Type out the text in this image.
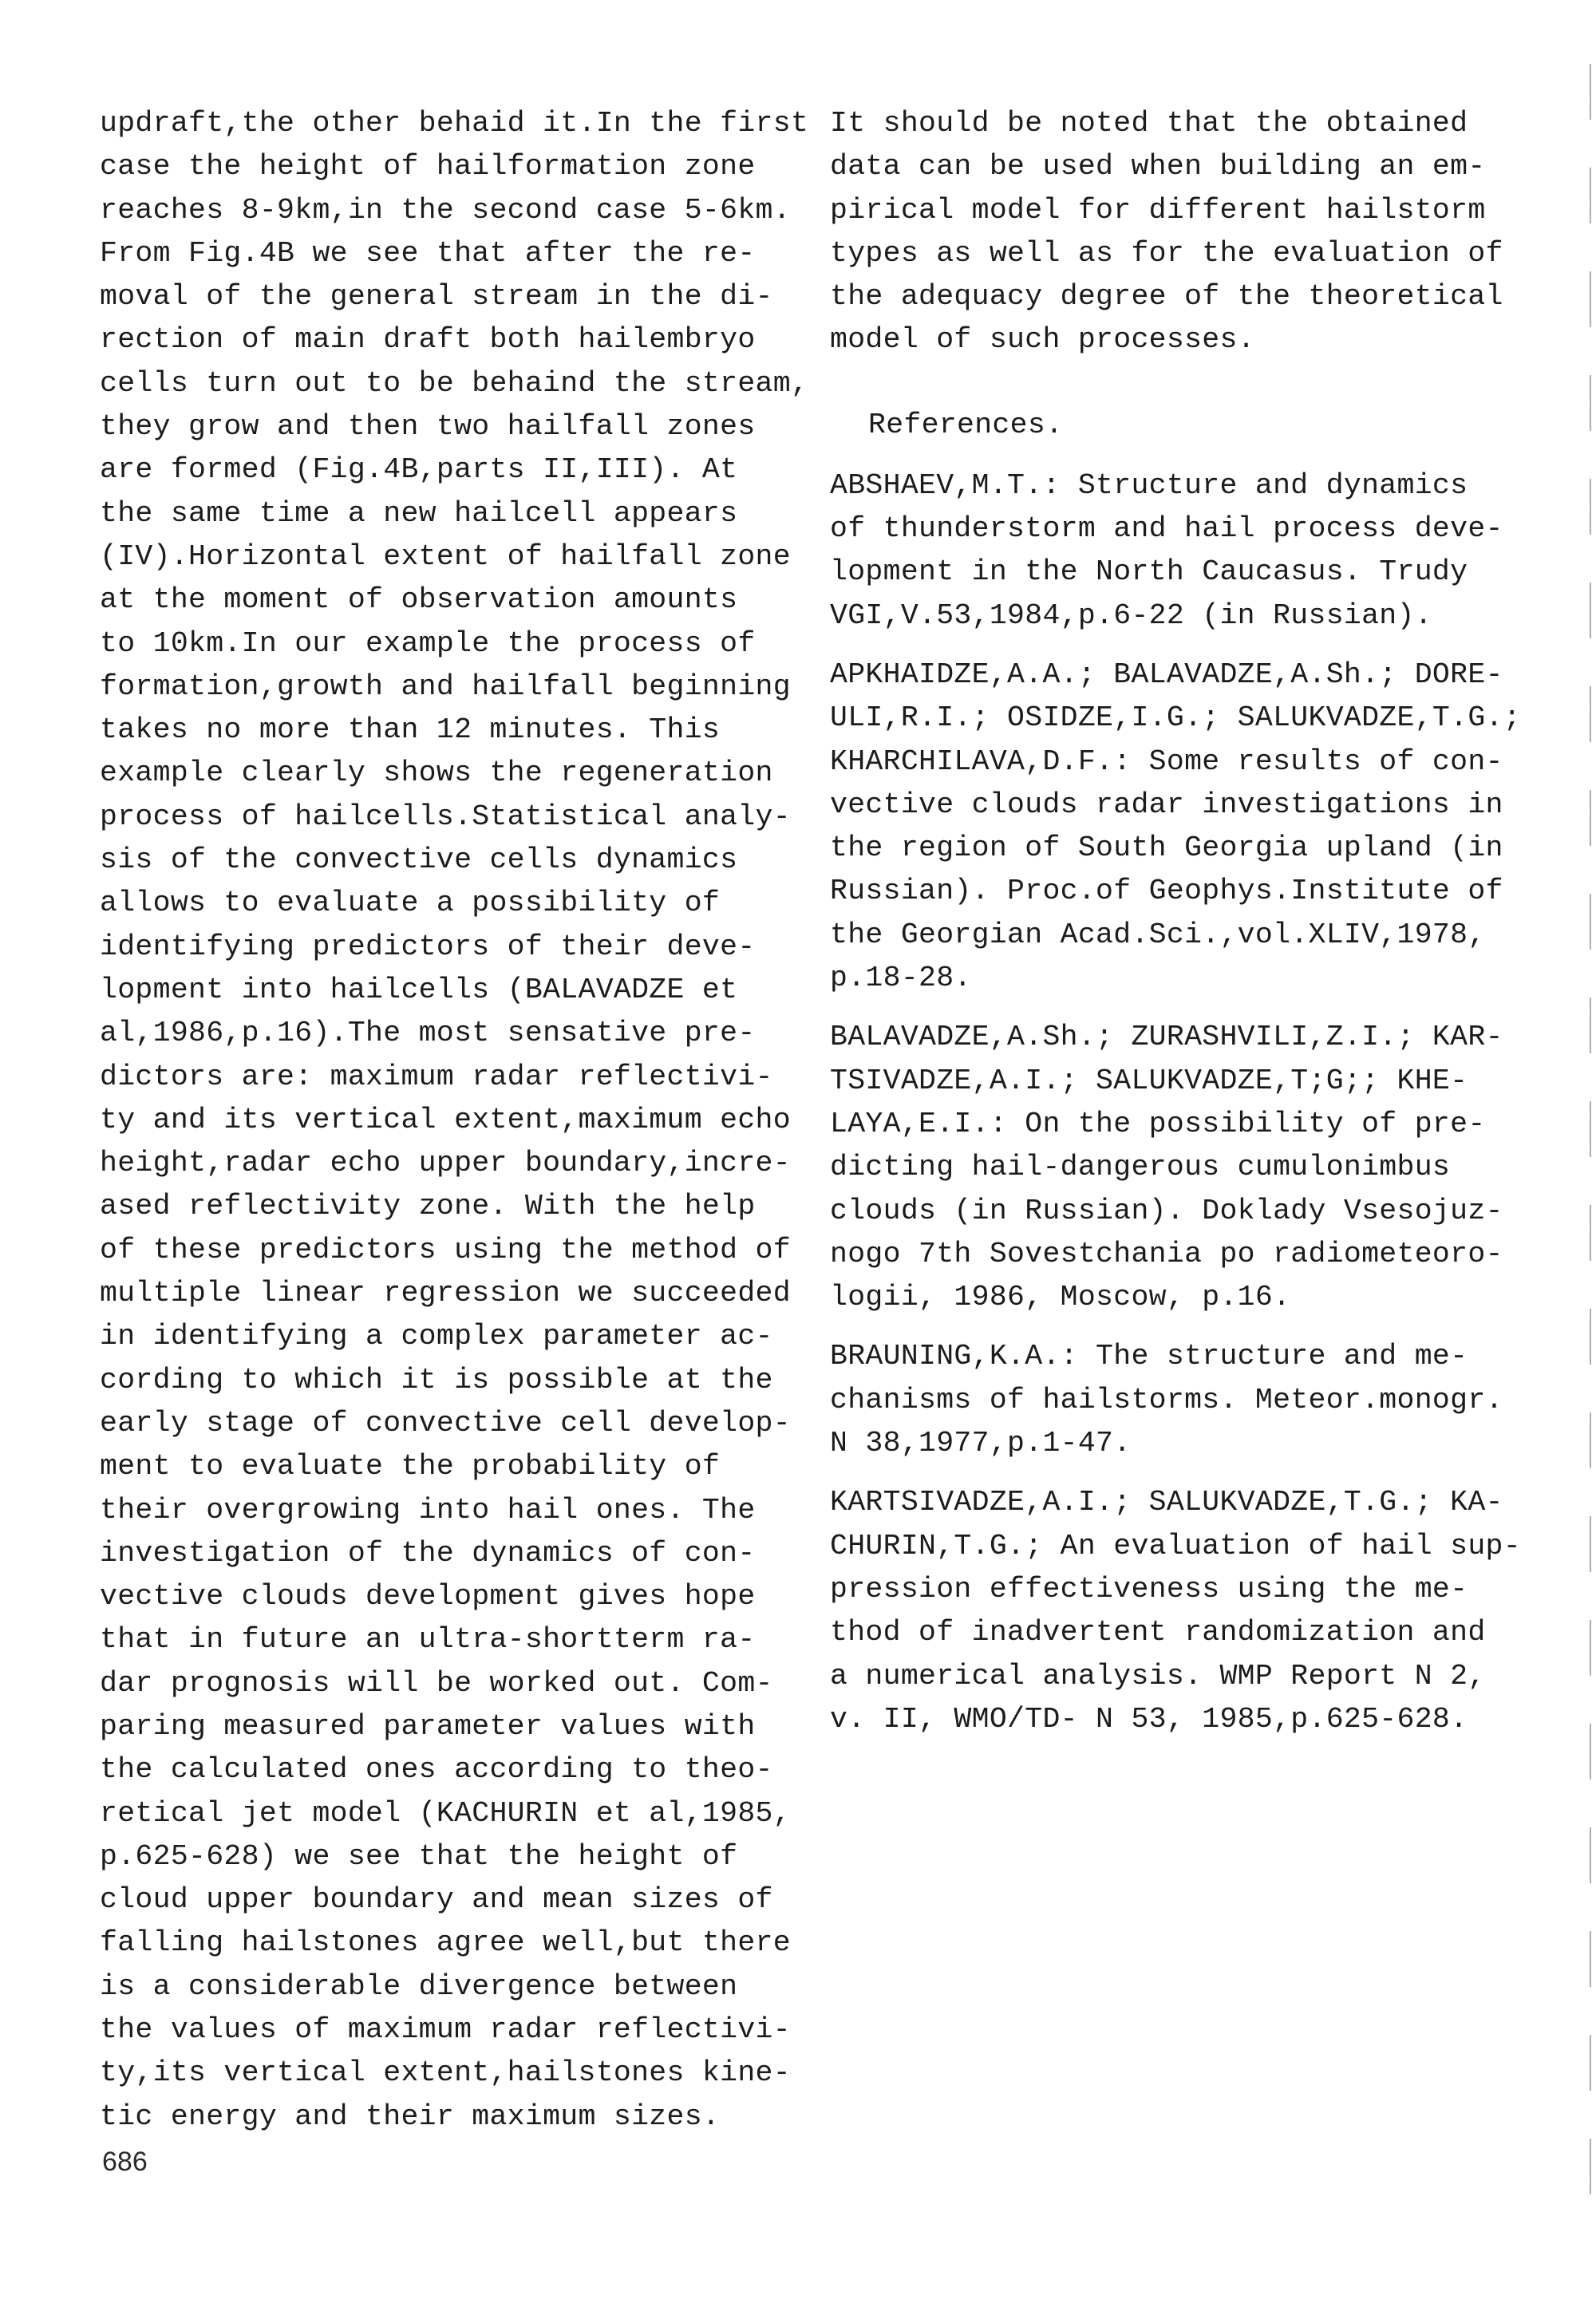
updraft,the other behaid it.In the first
case the height of hailformation zone
reaches 8-9km,in the second case 5-6km.
From Fig.4B we see that after the re-
moval of the general stream in the di-
rection of main draft both hailembryo
cells turn out to be behaind the stream,
they grow and then two hailfall zones
are formed (Fig.4B,parts II,III). At
the same time a new hailcell appears
(IV).Horizontal extent of hailfall zone
at the moment of observation amounts
to 10km.In our example the process of
formation,growth and hailfall beginning
takes no more than 12 minutes. This
example clearly shows the regeneration
process of hailcells.Statistical analy-
sis of the convective cells dynamics
allows to evaluate a possibility of
identifying predictors of their deve-
lopment into hailcells (BALAVADZE et
al,1986,p.16).The most sensative pre-
dictors are: maximum radar reflectivi-
ty and its vertical extent,maximum echo
height,radar echo upper boundary,incre-
ased reflectivity zone. With the help
of these predictors using the method of
multiple linear regression we succeeded
in identifying a complex parameter ac-
cording to which it is possible at the
early stage of convective cell develop-
ment to evaluate the probability of
their overgrowing into hail ones. The
investigation of the dynamics of con-
vective clouds development gives hope
that in future an ultra-shortterm ra-
dar prognosis will be worked out. Com-
paring measured parameter values with
the calculated ones according to theo-
retical jet model (KACHURIN et al,1985,
p.625-628) we see that the height of
cloud upper boundary and mean sizes of
falling hailstones agree well,but there
is a considerable divergence between
the values of maximum radar reflectivi-
ty,its vertical extent,hailstones kine-
tic energy and their maximum sizes.
It should be noted that the obtained
data can be used when building an em-
pirical model for different hailstorm
types as well as for the evaluation of
the adequacy degree of the theoretical
model of such processes.
References.
ABSHAEV,M.T.: Structure and dynamics
of thunderstorm and hail process deve-
lopment in the North Caucasus. Trudy
VGI,V.53,1984,p.6-22 (in Russian).
APKHAIDZE,A.A.; BALAVADZE,A.Sh.; DORE-
ULI,R.I.; OSIDZE,I.G.; SALUKVADZE,T.G.;
KHARCHILAVA,D.F.: Some results of con-
vective clouds radar investigations in
the region of South Georgia upland (in
Russian). Proc.of Geophys.Institute of
the Georgian Acad.Sci.,vol.XLIV,1978,
p.18-28.
BALAVADZE,A.Sh.; ZURASHVILI,Z.I.; KAR-
TSIVADZE,A.I.; SALUKVADZE,T;G;; KHE-
LAYA,E.I.: On the possibility of pre-
dicting hail-dangerous cumulonimbus
clouds (in Russian). Doklady Vsesojuz-
nogo 7th Sovestchania po radiometeoro-
logii, 1986, Moscow, p.16.
BRAUNING,K.A.: The structure and me-
chanisms of hailstorms. Meteor.monogr.
N 38,1977,p.1-47.
KARTSIVADZE,A.I.; SALUKVADZE,T.G.; KA-
CHURIN,T.G.; An evaluation of hail sup-
pression effectiveness using the me-
thod of inadvertent randomization and
a numerical analysis. WMP Report N 2,
v. II, WMO/TD- N 53, 1985,p.625-628.
686
